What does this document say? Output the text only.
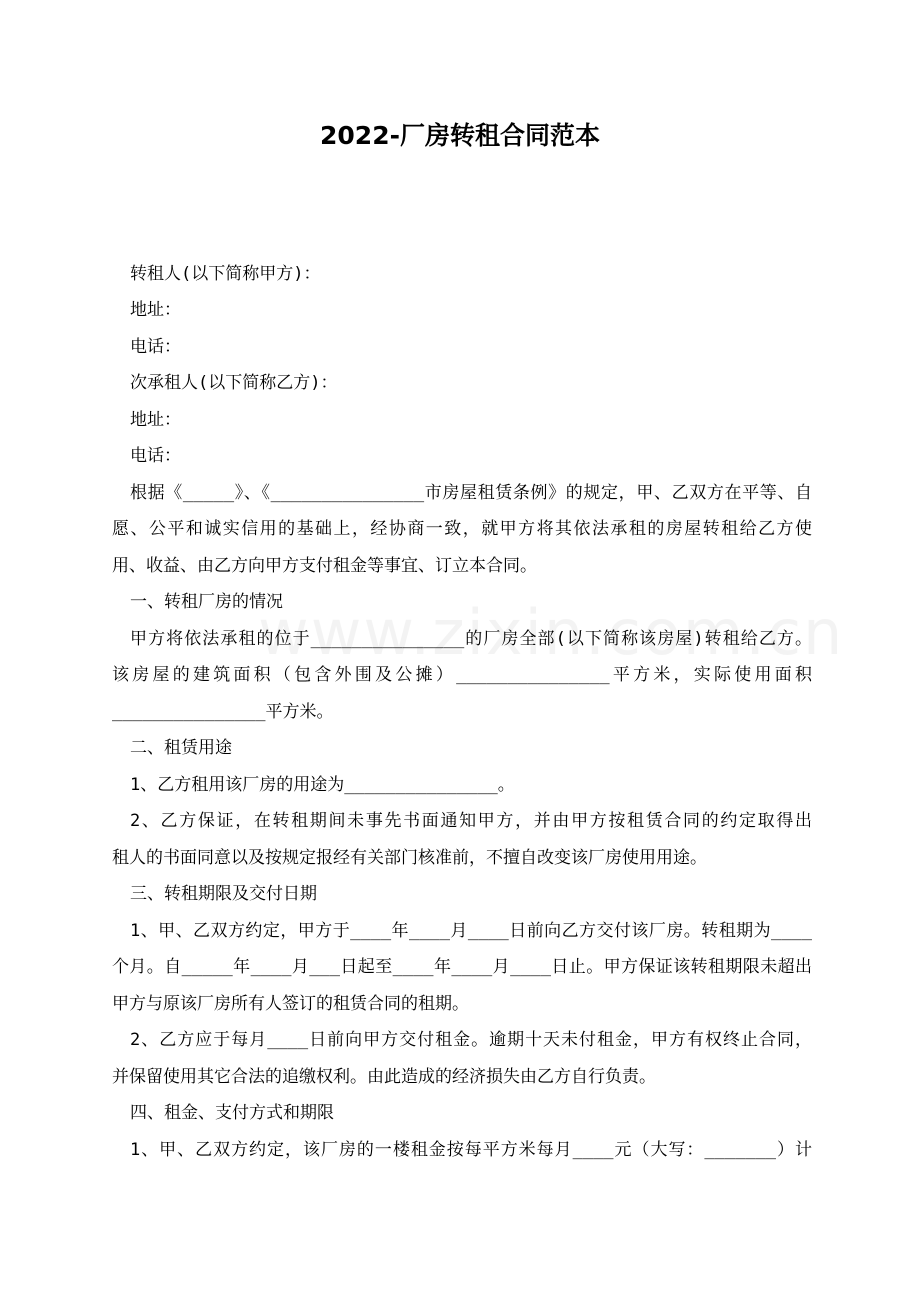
2022-厂房转租合同范本
转租人(以下简称甲方)：
地址：
电话：
次承租人(以下简称乙方)：
地址：
电话：
根据《_____》、《_______________市房屋租赁条例》的规定，甲、乙双方在平等、自
愿、公平和诚实信用的基础上，经协商一致，就甲方将其依法承租的房屋转租给乙方使
用、收益、由乙方向甲方支付租金等事宜、订立本合同。
一、转租厂房的情况
甲方将依法承租的位于_______________的厂房全部(以下简称该房屋)转租给乙方。
该房屋的建筑面积（包含外围及公摊）_______________平方米，实际使用面积
_______________平方米。
二、租赁用途
1、乙方租用该厂房的用途为_______________。
2、乙方保证，在转租期间未事先书面通知甲方，并由甲方按租赁合同的约定取得出
租人的书面同意以及按规定报经有关部门核准前，不擅自改变该厂房使用用途。
三、转租期限及交付日期
1、甲、乙双方约定，甲方于____年____月____日前向乙方交付该厂房。转租期为____
个月。自_____年____月___日起至____年____月____日止。甲方保证该转租期限未超出
甲方与原该厂房所有人签订的租赁合同的租期。
2、乙方应于每月____日前向甲方交付租金。逾期十天未付租金，甲方有权终止合同，
并保留使用其它合法的追缴权利。由此造成的经济损失由乙方自行负责。
四、租金、支付方式和期限
1、甲、乙双方约定，该厂房的一楼租金按每平方米每月____元（大写：_______）计
